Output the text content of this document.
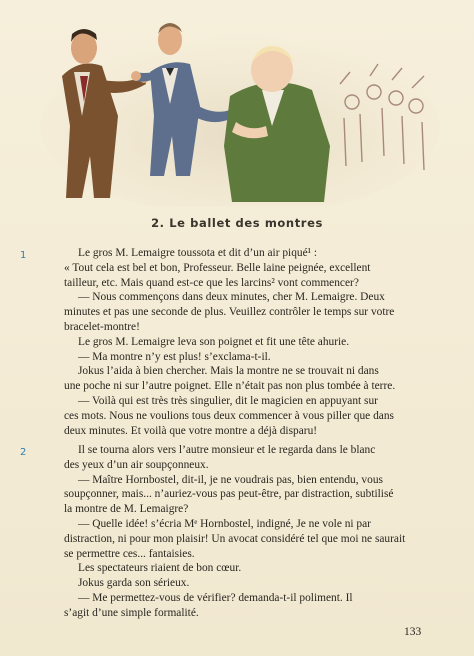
2. Le ballet des montres
1	Le gros M. Lemaigre toussota et dit d’un air piqué¹ :
« Tout cela est bel et bon, Professeur. Belle laine peignée, excellent
tailleur, etc. Mais quand est-ce que les larcins² vont commencer?
— Nous commençons dans deux minutes, cher M. Lemaigre. Deux
minutes et pas une seconde de plus. Veuillez contrôler le temps sur votre
bracelet-montre!
Le gros M. Lemaigre leva son poignet et fit une tête ahurie.
— Ma montre n’y est plus! s’exclama-t-il.
Jokus l’aida à bien chercher. Mais la montre ne se trouvait ni dans
une poche ni sur l’autre poignet. Elle n’était pas non plus tombée à terre.
— Voilà qui est très très singulier, dit le magicien en appuyant sur
ces mots. Nous ne voulions tous deux commencer à vous piller que dans
deux minutes. Et voilà que votre montre a déjà disparu!
2	Il se tourna alors vers l’autre monsieur et le regarda dans le blanc
des yeux d’un air soupçonneux.
— Maître Hornbostel, dit-il, je ne voudrais pas, bien entendu, vous
soupçonner, mais... n’auriez-vous pas peut-être, par distraction, subtilisé
la montre de M. Lemaigre?
— Quelle idée! s’écria Mᵉ Hornbostel, indigné, Je ne vole ni par
distraction, ni pour mon plaisir! Un avocat considéré tel que moi ne saurait
se permettre ces... fantaisies.
Les spectateurs riaient de bon cœur.
Jokus garda son sérieux.
— Me permettez-vous de vérifier? demanda-t-il poliment. Il
s’agit d’une simple formalité.
133
